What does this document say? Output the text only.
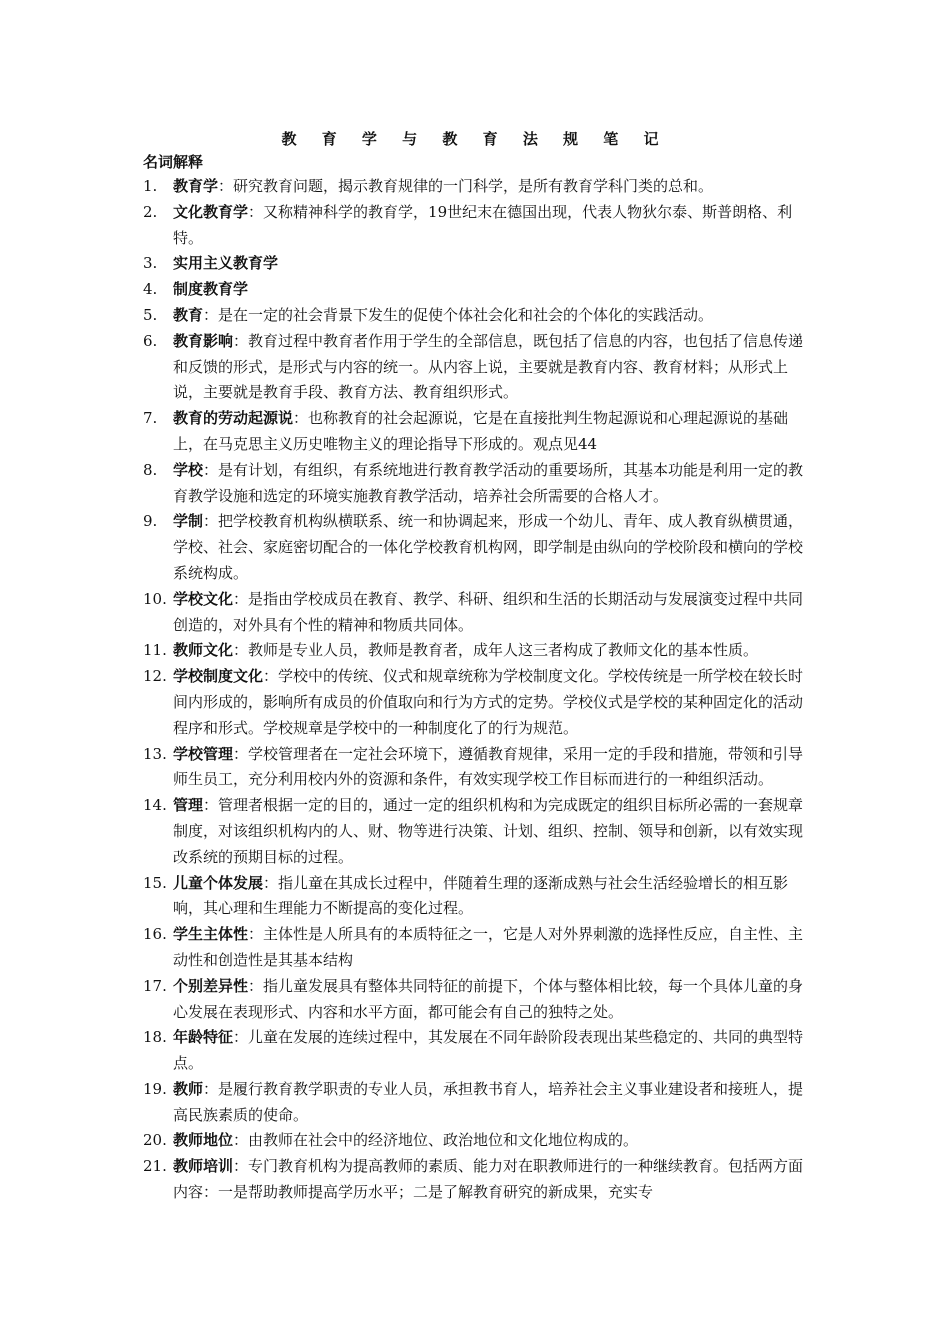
教 育 学 与 教 育 法 规 笔 记
名词解释
1. 教育学：研究教育问题，揭示教育规律的一门科学，是所有教育学科门类的总和。
2. 文化教育学：又称精神科学的教育学，19世纪末在德国出现，代表人物狄尔泰、斯普朗格、利特。
3. 实用主义教育学
4. 制度教育学
5. 教育：是在一定的社会背景下发生的促使个体社会化和社会的个体化的实践活动。
6. 教育影响：教育过程中教育者作用于学生的全部信息，既包括了信息的内容，也包括了信息传递和反馈的形式，是形式与内容的统一。从内容上说，主要就是教育内容、教育材料；从形式上说，主要就是教育手段、教育方法、教育组织形式。
7. 教育的劳动起源说：也称教育的社会起源说，它是在直接批判生物起源说和心理起源说的基础上，在马克思主义历史唯物主义的理论指导下形成的。观点见44
8. 学校：是有计划，有组织，有系统地进行教育教学活动的重要场所，其基本功能是利用一定的教育教学设施和选定的环境实施教育教学活动，培养社会所需要的合格人才。
9. 学制：把学校教育机构纵横联系、统一和协调起来，形成一个幼儿、青年、成人教育纵横贯通，学校、社会、家庭密切配合的一体化学校教育机构网，即学制是由纵向的学校阶段和横向的学校系统构成。
10. 学校文化：是指由学校成员在教育、教学、科研、组织和生活的长期活动与发展演变过程中共同创造的，对外具有个性的精神和物质共同体。
11. 教师文化：教师是专业人员，教师是教育者，成年人这三者构成了教师文化的基本性质。
12. 学校制度文化：学校中的传统、仪式和规章统称为学校制度文化。学校传统是一所学校在较长时间内形成的，影响所有成员的价值取向和行为方式的定势。学校仪式是学校的某种固定化的活动程序和形式。学校规章是学校中的一种制度化了的行为规范。
13. 学校管理：学校管理者在一定社会环境下，遵循教育规律，采用一定的手段和措施，带领和引导师生员工，充分利用校内外的资源和条件，有效实现学校工作目标而进行的一种组织活动。
14. 管理：管理者根据一定的目的，通过一定的组织机构和为完成既定的组织目标所必需的一套规章制度，对该组织机构内的人、财、物等进行决策、计划、组织、控制、领导和创新，以有效实现改系统的预期目标的过程。
15. 儿童个体发展：指儿童在其成长过程中，伴随着生理的逐渐成熟与社会生活经验增长的相互影响，其心理和生理能力不断提高的变化过程。
16. 学生主体性：主体性是人所具有的本质特征之一，它是人对外界刺激的选择性反应，自主性、主动性和创造性是其基本结构
17. 个别差异性：指儿童发展具有整体共同特征的前提下，个体与整体相比较，每一个具体儿童的身心发展在表现形式、内容和水平方面，都可能会有自己的独特之处。
18. 年龄特征：儿童在发展的连续过程中，其发展在不同年龄阶段表现出某些稳定的、共同的典型特点。
19. 教师：是履行教育教学职责的专业人员，承担教书育人，培养社会主义事业建设者和接班人，提高民族素质的使命。
20. 教师地位：由教师在社会中的经济地位、政治地位和文化地位构成的。
21. 教师培训：专门教育机构为提高教师的素质、能力对在职教师进行的一种继续教育。包括两方面内容：一是帮助教师提高学历水平；二是了解教育研究的新成果，充实专
